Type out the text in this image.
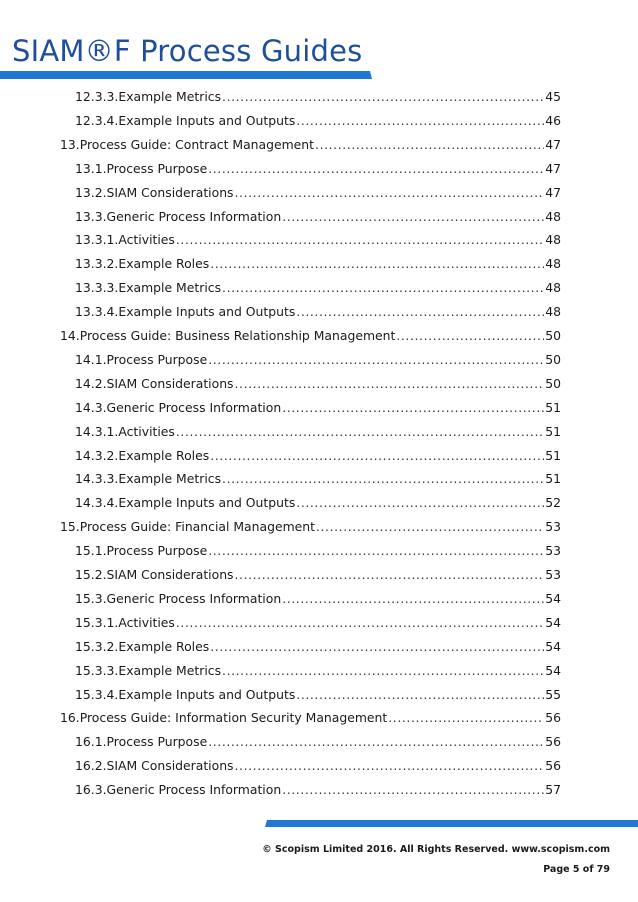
SIAM®F Process Guides
12.3.3. Example Metrics .....	45
12.3.4. Example Inputs and Outputs .....	46
13. Process Guide: Contract Management .....	47
13.1. Process Purpose .....	47
13.2. SIAM Considerations .....	47
13.3. Generic Process Information .....	48
13.3.1. Activities .....	48
13.3.2. Example Roles .....	48
13.3.3. Example Metrics .....	48
13.3.4. Example Inputs and Outputs .....	48
14. Process Guide: Business Relationship Management .....	50
14.1. Process Purpose .....	50
14.2. SIAM Considerations .....	50
14.3. Generic Process Information .....	51
14.3.1. Activities .....	51
14.3.2. Example Roles .....	51
14.3.3. Example Metrics .....	51
14.3.4. Example Inputs and Outputs .....	52
15. Process Guide: Financial Management .....	53
15.1. Process Purpose .....	53
15.2. SIAM Considerations .....	53
15.3. Generic Process Information .....	54
15.3.1. Activities .....	54
15.3.2. Example Roles .....	54
15.3.3. Example Metrics .....	54
15.3.4. Example Inputs and Outputs .....	55
16. Process Guide: Information Security Management .....	56
16.1. Process Purpose .....	56
16.2. SIAM Considerations .....	56
16.3. Generic Process Information .....	57
© Scopism Limited 2016. All Rights Reserved. www.scopism.com
Page 5 of 79
